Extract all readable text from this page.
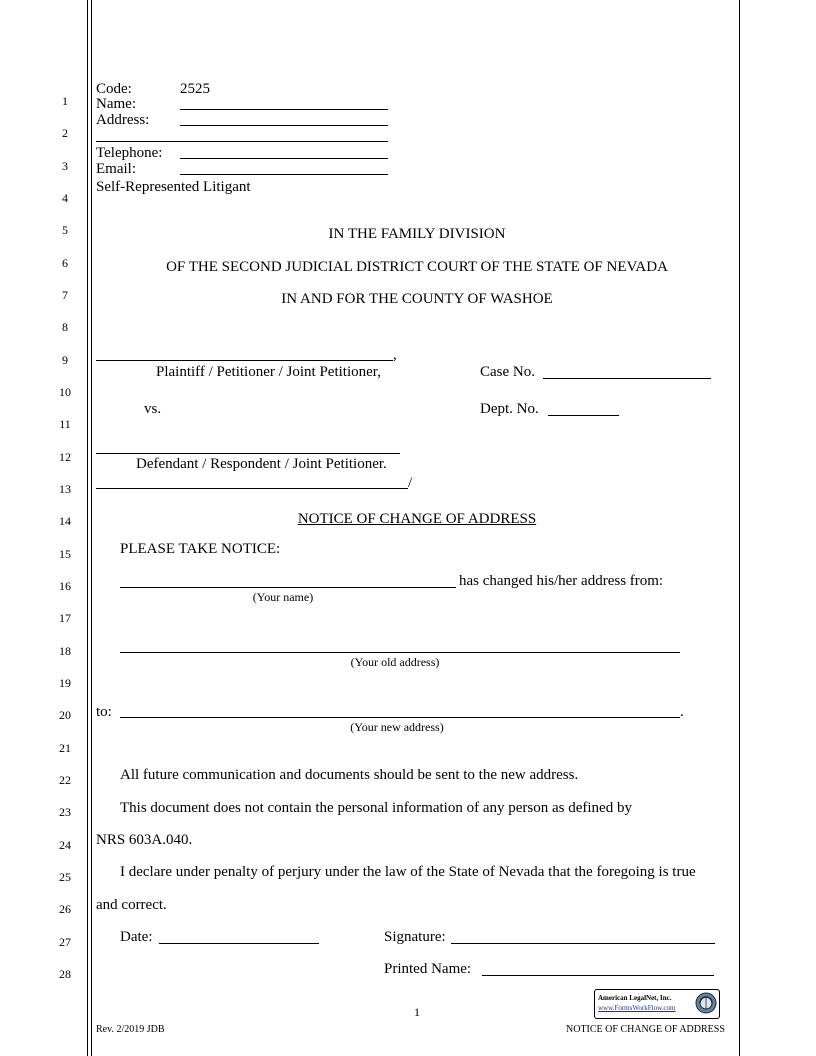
1
2
3
4
5
6
7
8
9
10
11
12
13
14
15
16
17
18
19
20
21
22
23
24
25
26
27
28
Code:	2525
Name:
Address:
Telephone:
Email:
Self-Represented Litigant
IN THE FAMILY DIVISION
OF THE SECOND JUDICIAL DISTRICT COURT OF THE STATE OF NEVADA
IN AND FOR THE COUNTY OF WASHOE
,
Plaintiff / Petitioner / Joint Petitioner,	Case No.
vs.	Dept. No.
Defendant / Respondent / Joint Petitioner.
/
NOTICE OF CHANGE OF ADDRESS
PLEASE TAKE NOTICE:
has changed his/her address from:
(Your name)
(Your old address)
to:	.
(Your new address)
All future communication and documents should be sent to the new address.
This document does not contain the personal information of any person as defined by
NRS 603A.040.
I declare under penalty of perjury under the law of the State of Nevada that the foregoing is true
and correct.
Date:	Signature:
Printed Name:
1
Rev. 2/2019 JDB	NOTICE OF CHANGE OF ADDRESS
American LegalNet, Inc.
www.FormsWorkFlow.com
